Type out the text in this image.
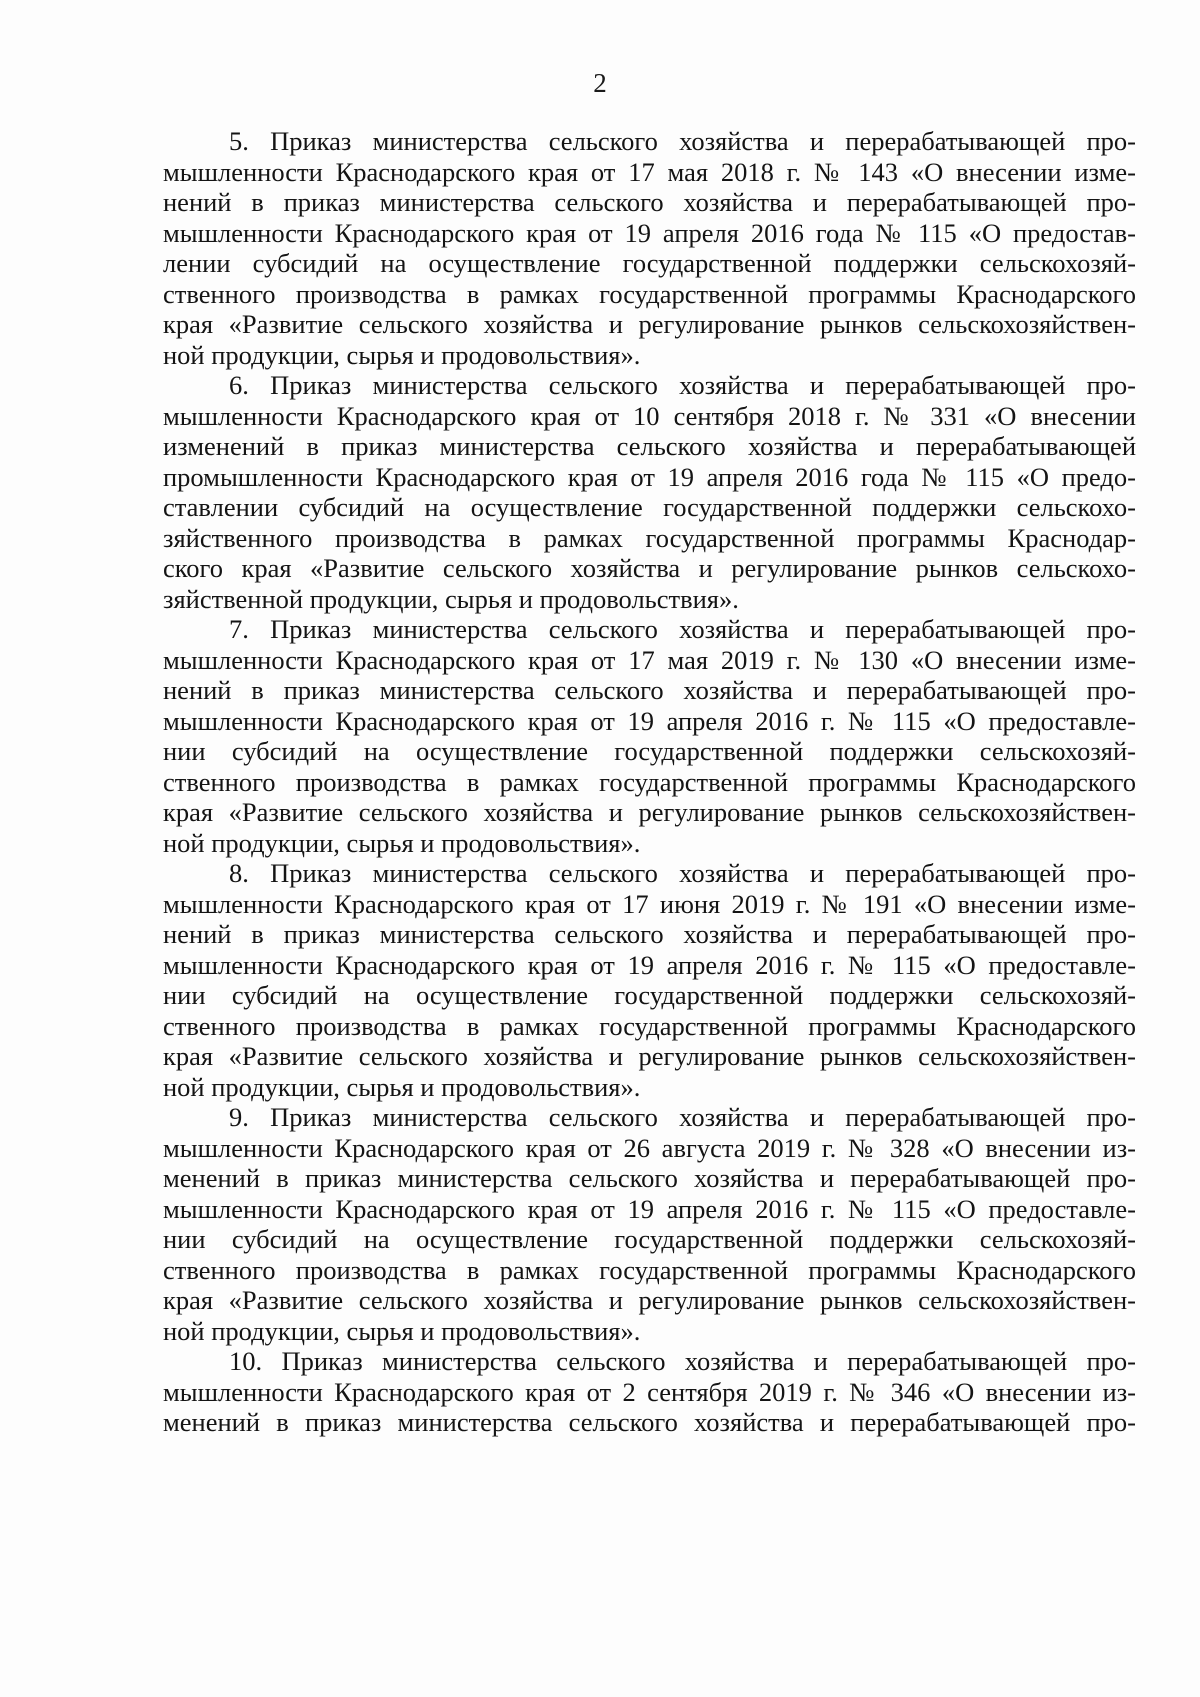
2
5. Приказ министерства сельского хозяйства и перерабатывающей про-
мышленности Краснодарского края от 17 мая 2018 г. № 143 «О внесении изме-
нений в приказ министерства сельского хозяйства и перерабатывающей про-
мышленности Краснодарского края от 19 апреля 2016 года № 115 «О предостав-
лении субсидий на осуществление государственной поддержки сельскохозяй-
ственного производства в рамках государственной программы Краснодарского
края «Развитие сельского хозяйства и регулирование рынков сельскохозяйствен-
ной продукции, сырья и продовольствия».
6. Приказ министерства сельского хозяйства и перерабатывающей про-
мышленности Краснодарского края от 10 сентября 2018 г. № 331 «О внесении
изменений в приказ министерства сельского хозяйства и перерабатывающей
промышленности Краснодарского края от 19 апреля 2016 года № 115 «О предо-
ставлении субсидий на осуществление государственной поддержки сельскохо-
зяйственного производства в рамках государственной программы Краснодар-
ского края «Развитие сельского хозяйства и регулирование рынков сельскохо-
зяйственной продукции, сырья и продовольствия».
7. Приказ министерства сельского хозяйства и перерабатывающей про-
мышленности Краснодарского края от 17 мая 2019 г. № 130 «О внесении изме-
нений в приказ министерства сельского хозяйства и перерабатывающей про-
мышленности Краснодарского края от 19 апреля 2016 г. № 115 «О предоставле-
нии субсидий на осуществление государственной поддержки сельскохозяй-
ственного производства в рамках государственной программы Краснодарского
края «Развитие сельского хозяйства и регулирование рынков сельскохозяйствен-
ной продукции, сырья и продовольствия».
8. Приказ министерства сельского хозяйства и перерабатывающей про-
мышленности Краснодарского края от 17 июня 2019 г. № 191 «О внесении изме-
нений в приказ министерства сельского хозяйства и перерабатывающей про-
мышленности Краснодарского края от 19 апреля 2016 г. № 115 «О предоставле-
нии субсидий на осуществление государственной поддержки сельскохозяй-
ственного производства в рамках государственной программы Краснодарского
края «Развитие сельского хозяйства и регулирование рынков сельскохозяйствен-
ной продукции, сырья и продовольствия».
9. Приказ министерства сельского хозяйства и перерабатывающей про-
мышленности Краснодарского края от 26 августа 2019 г. № 328 «О внесении из-
менений в приказ министерства сельского хозяйства и перерабатывающей про-
мышленности Краснодарского края от 19 апреля 2016 г. № 115 «О предоставле-
нии субсидий на осуществление государственной поддержки сельскохозяй-
ственного производства в рамках государственной программы Краснодарского
края «Развитие сельского хозяйства и регулирование рынков сельскохозяйствен-
ной продукции, сырья и продовольствия».
10. Приказ министерства сельского хозяйства и перерабатывающей про-
мышленности Краснодарского края от 2 сентября 2019 г. № 346 «О внесении из-
менений в приказ министерства сельского хозяйства и перерабатывающей про-
